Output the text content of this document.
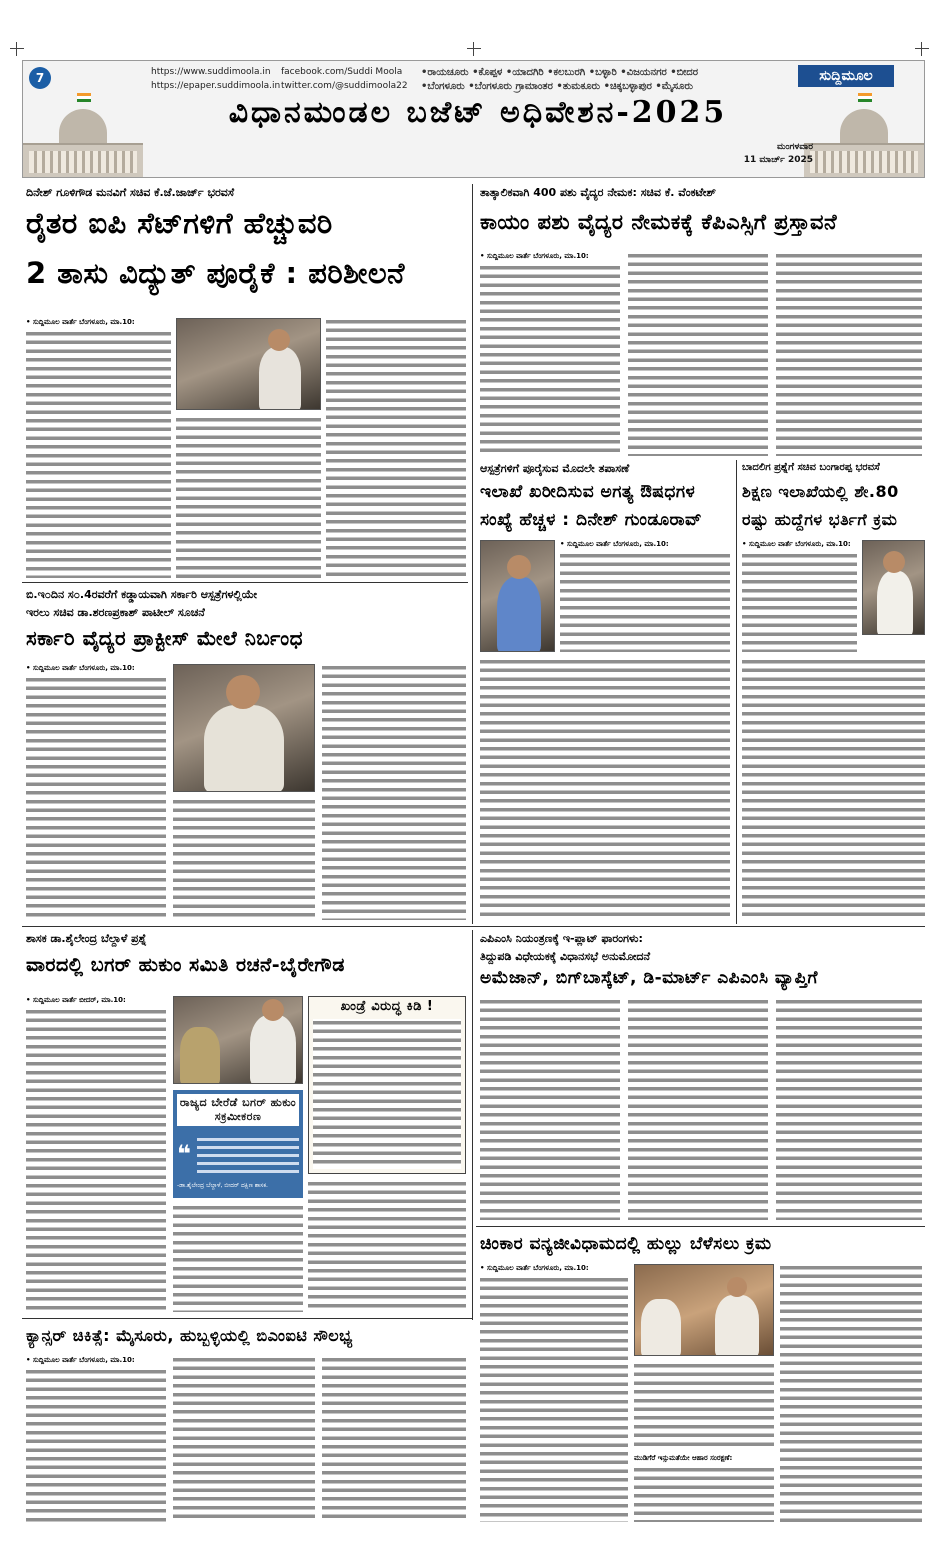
7	https://www.suddimoola.in
https://epaper.suddimoola.in
facebook.com/Suddi Moola
twitter.com/@suddimoola22
•ರಾಯಚೂರು •ಕೊಪ್ಪಳ •ಯಾದಗಿರಿ •ಕಲಬುರಗಿ •ಬಳ್ಳಾರಿ •ವಿಜಯನಗರ •ಬೀದರ
•ಬೆಂಗಳೂರು •ಬೆಂಗಳೂರು ಗ್ರಾಮಾಂತರ •ತುಮಕೂರು •ಚಿಕ್ಕಬಳ್ಳಾಪುರ •ಮೈಸೂರು
ಸುದ್ದಿಮೂಲ
ವಿಧಾನಮಂಡಲ ಬಜೆಟ್ ಅಧಿವೇಶನ-2025
ಮಂಗಳವಾರ
11 ಮಾರ್ಚ್ 2025
ದಿನೇಶ್ ಗೂಳಿಗೌಡ ಮನವಿಗೆ ಸಚಿವ ಕೆ.ಜೆ.ಜಾರ್ಜ್ ಭರವಸೆ
ರೈತರ ಐಪಿ ಸೆಟ್‌ಗಳಿಗೆ ಹೆಚ್ಚುವರಿ
2 ತಾಸು ವಿದ್ಯುತ್ ಪೂರೈಕೆ : ಪರಿಶೀಲನೆ
• ಸುದ್ದಿಮೂಲ ವಾರ್ತೆ ಬೆಂಗಳೂರು, ಮಾ.10:
ತಾತ್ಕಾಲಿಕವಾಗಿ 400 ಪಶು ವೈದ್ಯರ ನೇಮಕ: ಸಚಿವ ಕೆ. ವೆಂಕಟೇಶ್
ಕಾಯಂ ಪಶು ವೈದ್ಯರ ನೇಮಕಕ್ಕೆ ಕೆಪಿಎಸ್ಸಿಗೆ ಪ್ರಸ್ತಾವನೆ
• ಸುದ್ದಿಮೂಲ ವಾರ್ತೆ ಬೆಂಗಳೂರು, ಮಾ.10:
ಆಸ್ಪತ್ರೆಗಳಿಗೆ ಪೂರೈಸುವ ಮೊದಲೇ ತಪಾಸಣೆ
ಇಲಾಖೆ ಖರೀದಿಸುವ ಅಗತ್ಯ ಔಷಧಗಳ
ಸಂಖ್ಯೆ ಹೆಚ್ಚಳ : ದಿನೇಶ್ ಗುಂಡೂರಾವ್
• ಸುದ್ದಿಮೂಲ ವಾರ್ತೆ ಬೆಂಗಳೂರು, ಮಾ.10:
ಬಾದಲಿಗ ಪ್ರಶ್ನೆಗೆ ಸಚಿವ ಬಂಗಾರಪ್ಪ ಭರವಸೆ
ಶಿಕ್ಷಣ ಇಲಾಖೆಯಲ್ಲಿ ಶೇ.80
ರಷ್ಟು ಹುದ್ದೆಗಳ ಭರ್ತಿಗೆ ಕ್ರಮ
• ಸುದ್ದಿಮೂಲ ವಾರ್ತೆ ಬೆಂಗಳೂರು, ಮಾ.10:
ಬಿ.ಇ೦ದಿನ ಸ೦.4ರವರೆಗೆ ಕಡ್ಡಾಯವಾಗಿ ಸರ್ಕಾರಿ ಆಸ್ಪತ್ರೆಗಳಲ್ಲಿಯೇ
ಇರಲು ಸಚಿವ ಡಾ.ಶರಣಪ್ರಕಾಶ್ ಪಾಟೀಲ್ ಸೂಚನೆ
ಸರ್ಕಾರಿ ವೈದ್ಯರ ಪ್ರಾಕ್ಟೀಸ್ ಮೇಲೆ ನಿರ್ಬಂಧ
• ಸುದ್ದಿಮೂಲ ವಾರ್ತೆ ಬೆಂಗಳೂರು, ಮಾ.10:
ಎಪಿಎಂಸಿ ನಿಯಂತ್ರಣಕ್ಕೆ ಇ-ಪ್ಲಾಟ್ ಫಾರಂಗಳು:
ತಿದ್ದುಪಡಿ ವಿಧೇಯಕಕ್ಕೆ ವಿಧಾನಸಭೆ ಅನುಮೋದನೆ
ಅಮೆಜಾನ್, ಬಿಗ್‌ಬಾಸ್ಕೆಟ್, ಡಿ-ಮಾರ್ಟ್ ಎಪಿಎಂಸಿ ವ್ಯಾಪ್ತಿಗೆ
ಶಾಸಕ ಡಾ.ಶೈಲೇಂದ್ರ ಬೆಲ್ದಾಳೆ ಪ್ರಶ್ನೆ
ವಾರದಲ್ಲಿ ಬಗರ್ ಹುಕುಂ ಸಮಿತಿ ರಚನೆ-ಬೈರೇಗೌಡ
• ಸುದ್ದಿಮೂಲ ವಾರ್ತೆ ಬೀದರ್, ಮಾ.10:	ಖಂಡ್ರೆ ವಿರುದ್ಧ ಕಿಡಿ !
ರಾಜ್ಯದ ಬೇರೆಡೆ ಬಗರ್ ಹುಕುಂ ಸಕ್ರಮೀಕರಣ
❝
-ಡಾ.ಶೈಲೇಂದ್ರ ಬೆಲ್ದಾಳೆ, ಬೀದರ್ ದಕ್ಷಿಣ ಶಾಸಕ.
ಚಿಂಕಾರ ವನ್ಯಜೀವಿಧಾಮದಲ್ಲಿ ಹುಲ್ಲು ಬೆಳೆಸಲು ಕ್ರಮ
• ಸುದ್ದಿಮೂಲ ವಾರ್ತೆ ಬೆಂಗಳೂರು, ಮಾ.10:
ಮುಡಿಗೆರೆ ಇನ್ಸುಮತೆಯೇ ಆಹಾರ ಸಂರಕ್ಷಣೆ:
ಕ್ಯಾನ್ಸರ್ ಚಿಕಿತ್ಸೆ: ಮೈಸೂರು, ಹುಬ್ಬಳ್ಳಿಯಲ್ಲಿ ಬಿಎಂಐಟಿ ಸೌಲಭ್ಯ
• ಸುದ್ದಿಮೂಲ ವಾರ್ತೆ ಬೆಂಗಳೂರು, ಮಾ.10:
